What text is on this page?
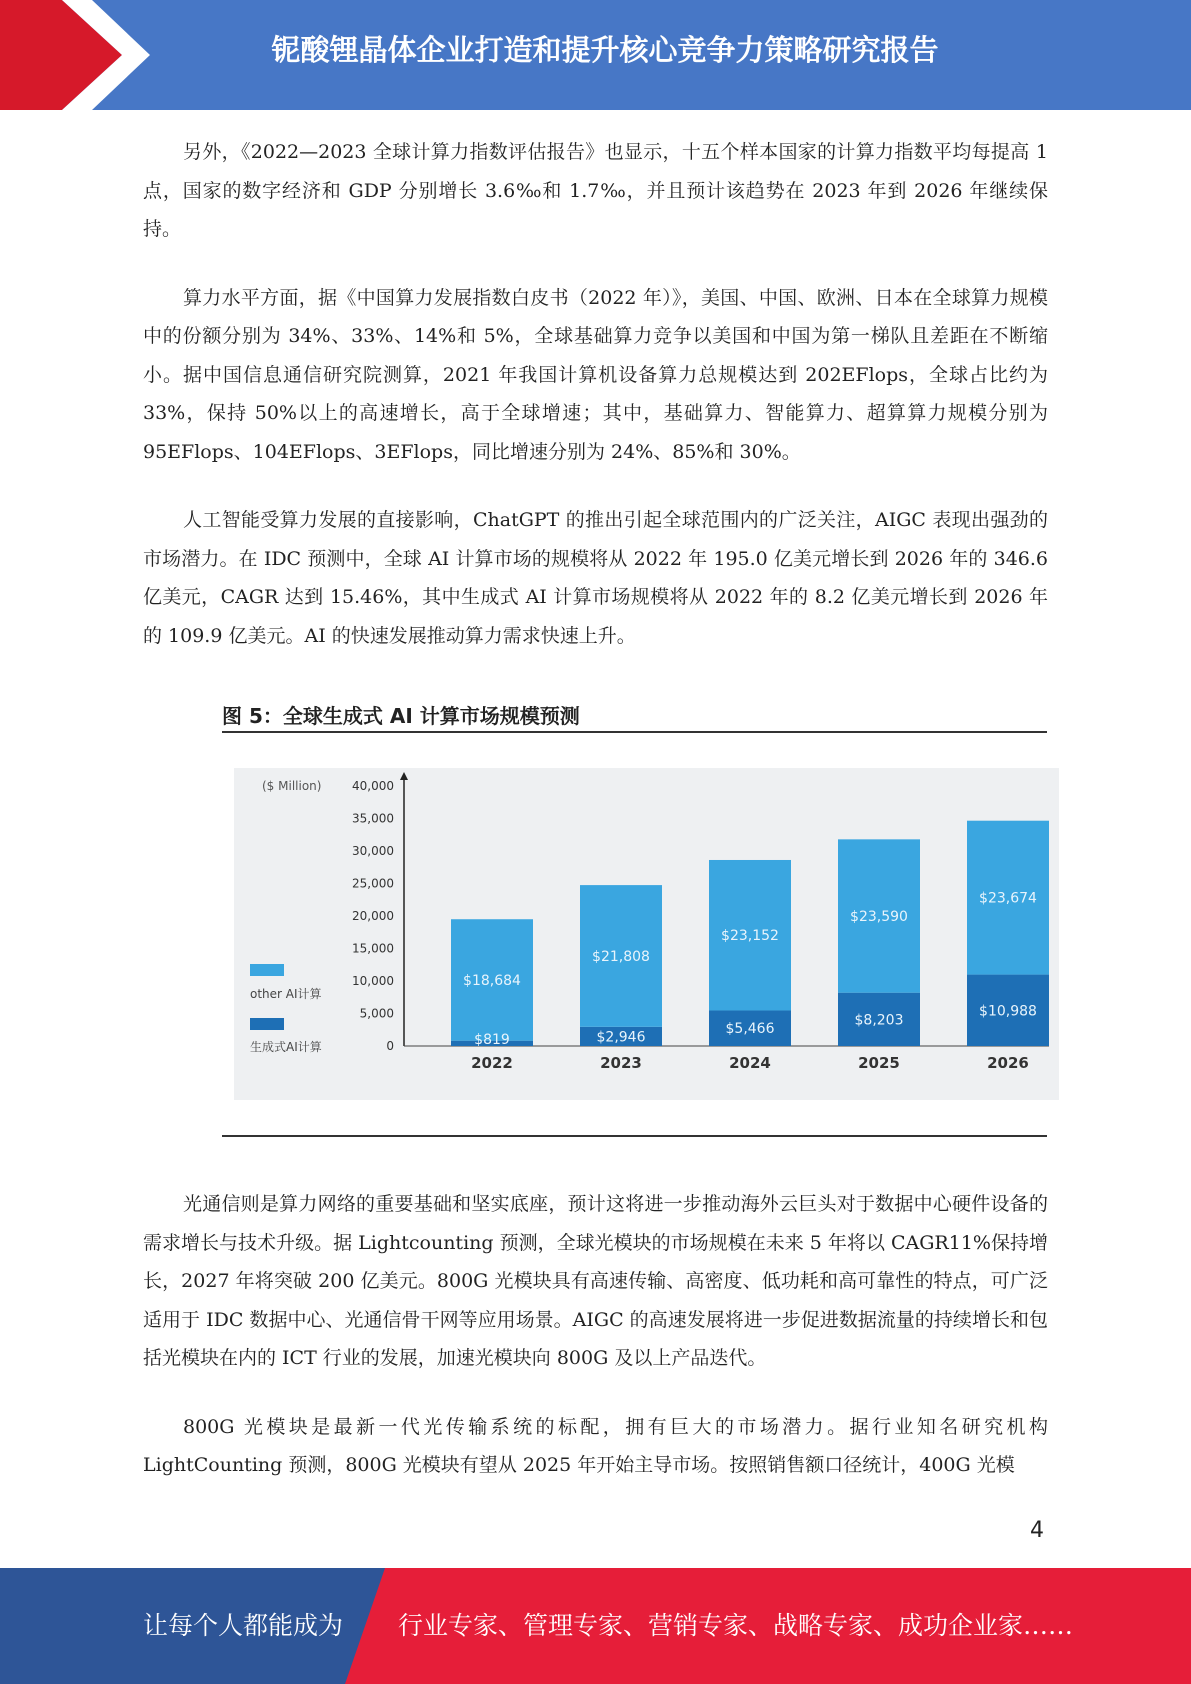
铌酸锂晶体企业打造和提升核心竞争力策略研究报告

另外，《2022—2023 全球计算力指数评估报告》也显示，十五个样本国家的计算力指数平均每提高 1 点，国家的数字经济和 GDP 分别增长 3.6‰和 1.7‰，并且预计该趋势在 2023 年到 2026 年继续保持。

算力水平方面，据《中国算力发展指数白皮书（2022 年）》，美国、中国、欧洲、日本在全球算力规模中的份额分别为 34%、33%、14%和 5%，全球基础算力竞争以美国和中国为第一梯队且差距在不断缩小。据中国信息通信研究院测算，2021 年我国计算机设备算力总规模达到 202EFlops，全球占比约为 33%，保持 50%以上的高速增长，高于全球增速；其中，基础算力、智能算力、超算算力规模分别为 95EFlops、104EFlops、3EFlops，同比增速分别为 24%、85%和 30%。

人工智能受算力发展的直接影响，ChatGPT 的推出引起全球范围内的广泛关注，AIGC 表现出强劲的市场潜力。在 IDC 预测中，全球 AI 计算市场的规模将从 2022 年 195.0 亿美元增长到 2026 年的 346.6 亿美元，CAGR 达到 15.46%，其中生成式 AI 计算市场规模将从 2022 年的 8.2 亿美元增长到 2026 年的 109.9 亿美元。AI 的快速发展推动算力需求快速上升。

图 5：全球生成式 AI 计算市场规模预测
($ Million)
0
5,000
10,000
15,000
20,000
25,000
30,000
35,000
40,000
$18,684
$819
2022
$21,808
$2,946
2023
$23,152
$5,466
2024
$23,590
$8,203
2025
$23,674
$10,988
2026
other AI计算
生成式AI计算

光通信则是算力网络的重要基础和坚实底座，预计这将进一步推动海外云巨头对于数据中心硬件设备的需求增长与技术升级。据 Lightcounting 预测，全球光模块的市场规模在未来 5 年将以 CAGR11%保持增长，2027 年将突破 200 亿美元。800G 光模块具有高速传输、高密度、低功耗和高可靠性的特点，可广泛适用于 IDC 数据中心、光通信骨干网等应用场景。AIGC 的高速发展将进一步促进数据流量的持续增长和包括光模块在内的 ICT 行业的发展，加速光模块向 800G 及以上产品迭代。

800G 光模块是最新一代光传输系统的标配，拥有巨大的市场潜力。据行业知名研究机构 LightCounting 预测，800G 光模块有望从 2025 年开始主导市场。按照销售额口径统计，400G 光模

4
让每个人都能成为 行业专家、管理专家、营销专家、战略专家、成功企业家……
